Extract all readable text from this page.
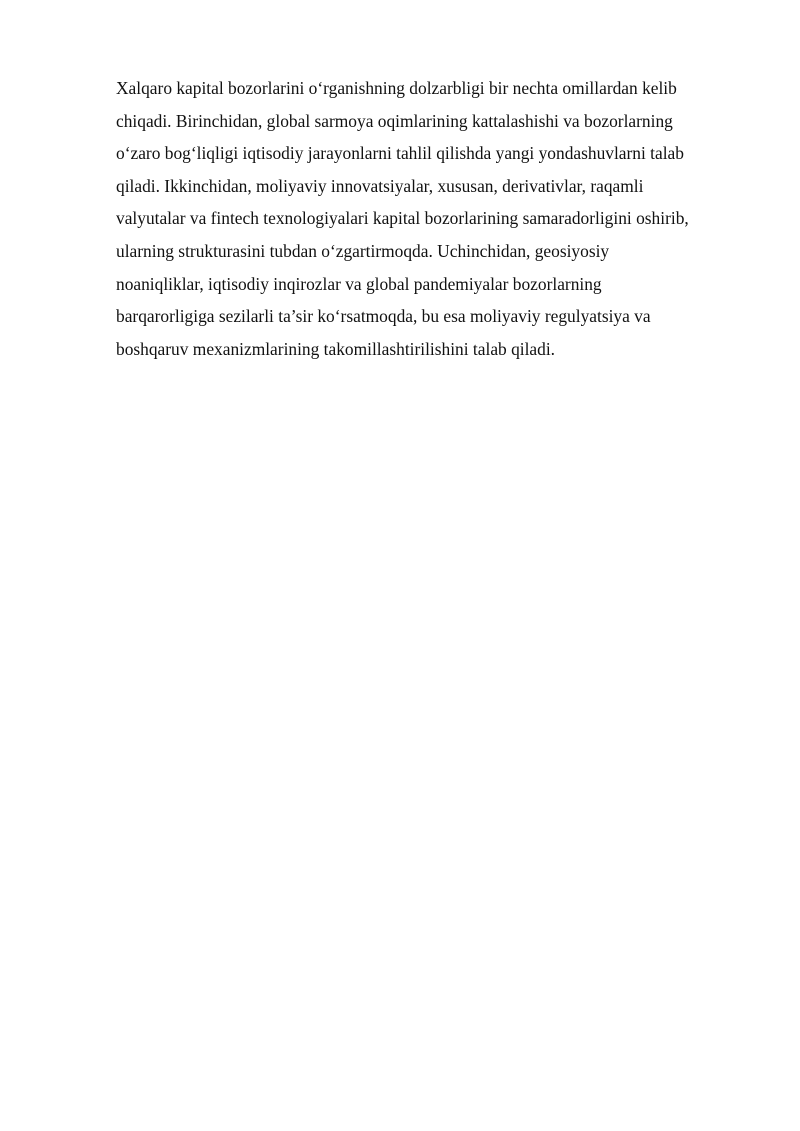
Xalqaro kapital bozorlarini o‘rganishning dolzarbligi bir nechta omillardan kelib
chiqadi. Birinchidan, global sarmoya oqimlarining kattalashishi va bozorlarning
o‘zaro bog‘liqligi iqtisodiy jarayonlarni tahlil qilishda yangi yondashuvlarni talab
qiladi. Ikkinchidan, moliyaviy innovatsiyalar, xususan, derivativlar, raqamli
valyutalar va fintech texnologiyalari kapital bozorlarining samaradorligini oshirib,
ularning strukturasini tubdan o‘zgartirmoqda. Uchinchidan, geosiyosiy
noaniqliklar, iqtisodiy inqirozlar va global pandemiyalar bozorlarning
barqarorligiga sezilarli ta’sir ko‘rsatmoqda, bu esa moliyaviy regulyatsiya va
boshqaruv mexanizmlarining takomillashtirilishini talab qiladi.
